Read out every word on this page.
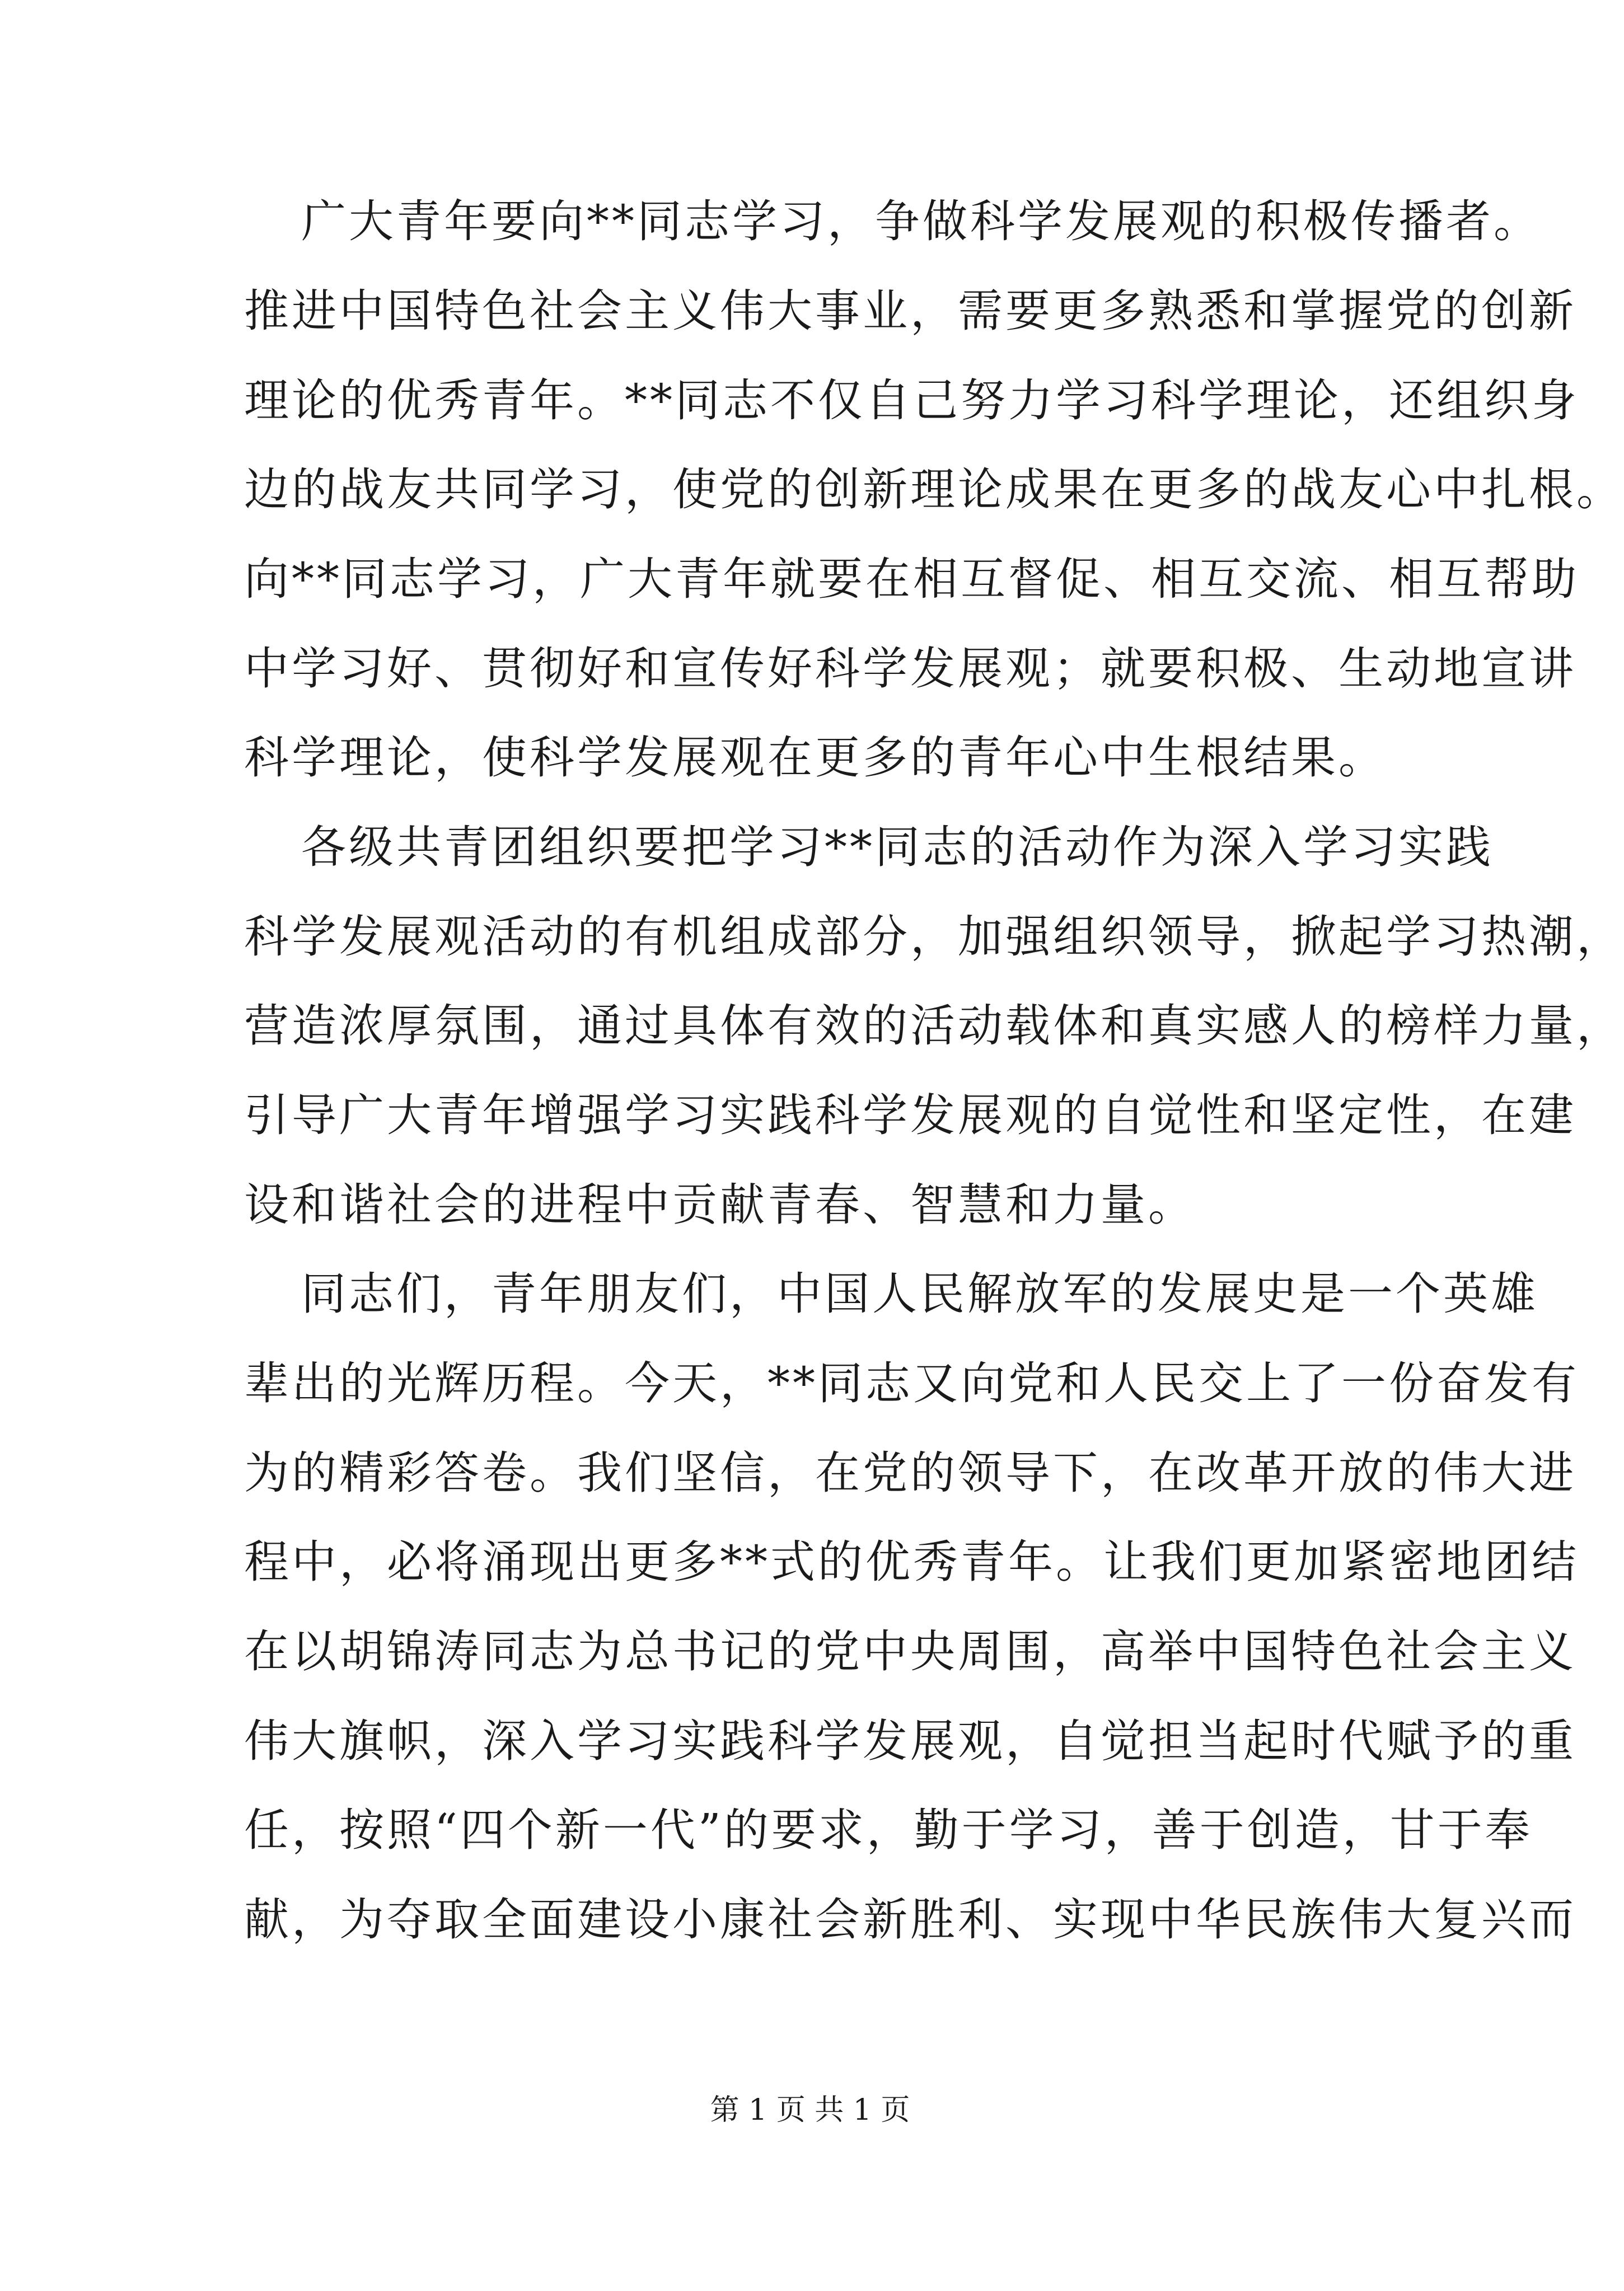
广大青年要向**同志学习，争做科学发展观的积极传播者。
推进中国特色社会主义伟大事业，需要更多熟悉和掌握党的创新
理论的优秀青年。**同志不仅自己努力学习科学理论，还组织身
边的战友共同学习，使党的创新理论成果在更多的战友心中扎根。
向**同志学习，广大青年就要在相互督促、相互交流、相互帮助
中学习好、贯彻好和宣传好科学发展观；就要积极、生动地宣讲
科学理论，使科学发展观在更多的青年心中生根结果。
各级共青团组织要把学习**同志的活动作为深入学习实践
科学发展观活动的有机组成部分，加强组织领导，掀起学习热潮，
营造浓厚氛围，通过具体有效的活动载体和真实感人的榜样力量，
引导广大青年增强学习实践科学发展观的自觉性和坚定性，在建
设和谐社会的进程中贡献青春、智慧和力量。
同志们，青年朋友们，中国人民解放军的发展史是一个英雄
辈出的光辉历程。今天，**同志又向党和人民交上了一份奋发有
为的精彩答卷。我们坚信，在党的领导下，在改革开放的伟大进
程中，必将涌现出更多**式的优秀青年。让我们更加紧密地团结
在以胡锦涛同志为总书记的党中央周围，高举中国特色社会主义
伟大旗帜，深入学习实践科学发展观，自觉担当起时代赋予的重
任，按照“四个新一代”的要求，勤于学习，善于创造，甘于奉
献，为夺取全面建设小康社会新胜利、实现中华民族伟大复兴而
第 1 页 共 1 页
